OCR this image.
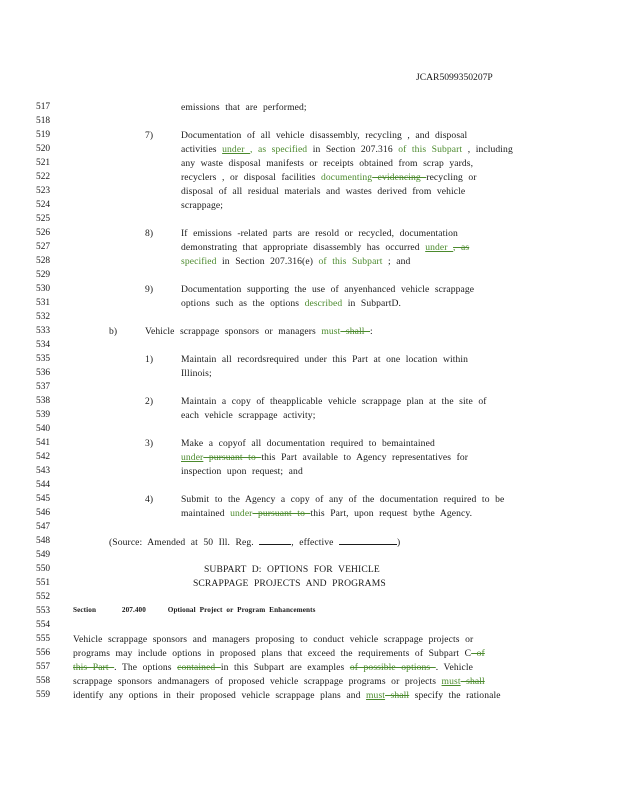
JCAR5099350207P
517
518
519
520
521
522
523
524
525
526
527
528
529
530
531
532
533
534
535
536
537
538
539
540
541
542
543
544
545
546
547
548
549
550
551
552
553
554
555
556
557
558
559
emissions that are performed;
7)	Documentation of all vehicle disassembly, recycling , and disposal
activities under , as specified in Section 207.316 of this Subpart , including
any waste disposal manifests or receipts obtained from scrap yards,
recyclers , or disposal facilities documenting evidencing recycling or
disposal of all residual materials and wastes derived from vehicle
scrappage;
8)	If emissions -related parts are resold or recycled, documentation
demonstrating that appropriate disassembly has occurred under , as
specified in Section 207.316(e) of this Subpart ; and
9)	Documentation supporting the use of anyenhanced vehicle scrappage
options such as the options described in SubpartD.
b)	Vehicle scrappage sponsors or managers must shall :
1)	Maintain all recordsrequired under this Part at one location within
Illinois;
2)	Maintain a copy of theapplicable vehicle scrappage plan at the site of
each vehicle scrappage activity;
3)	Make a copyof all documentation required to bemaintained
under pursuant to this Part available to Agency representatives for
inspection upon request; and
4)	Submit to the Agency a copy of any of the documentation required to be
maintained under pursuant to this Part, upon request bythe Agency.
(Source: Amended at 50 Ill. Reg.	, effective	)
SUBPART D: OPTIONS FOR VEHICLE
SCRAPPAGE PROJECTS AND PROGRAMS
Section	207.400	Optional Project or Program Enhancements
Vehicle scrappage sponsors and managers proposing to conduct vehicle scrappage projects or
programs may include options in proposed plans that exceed the requirements of Subpart C of
this Part . The options contained in this Subpart are examples of possible options . Vehicle
scrappage sponsors andmanagers of proposed vehicle scrappage programs or projects must shall
identify any options in their proposed vehicle scrappage plans and must shall specify the rationale
